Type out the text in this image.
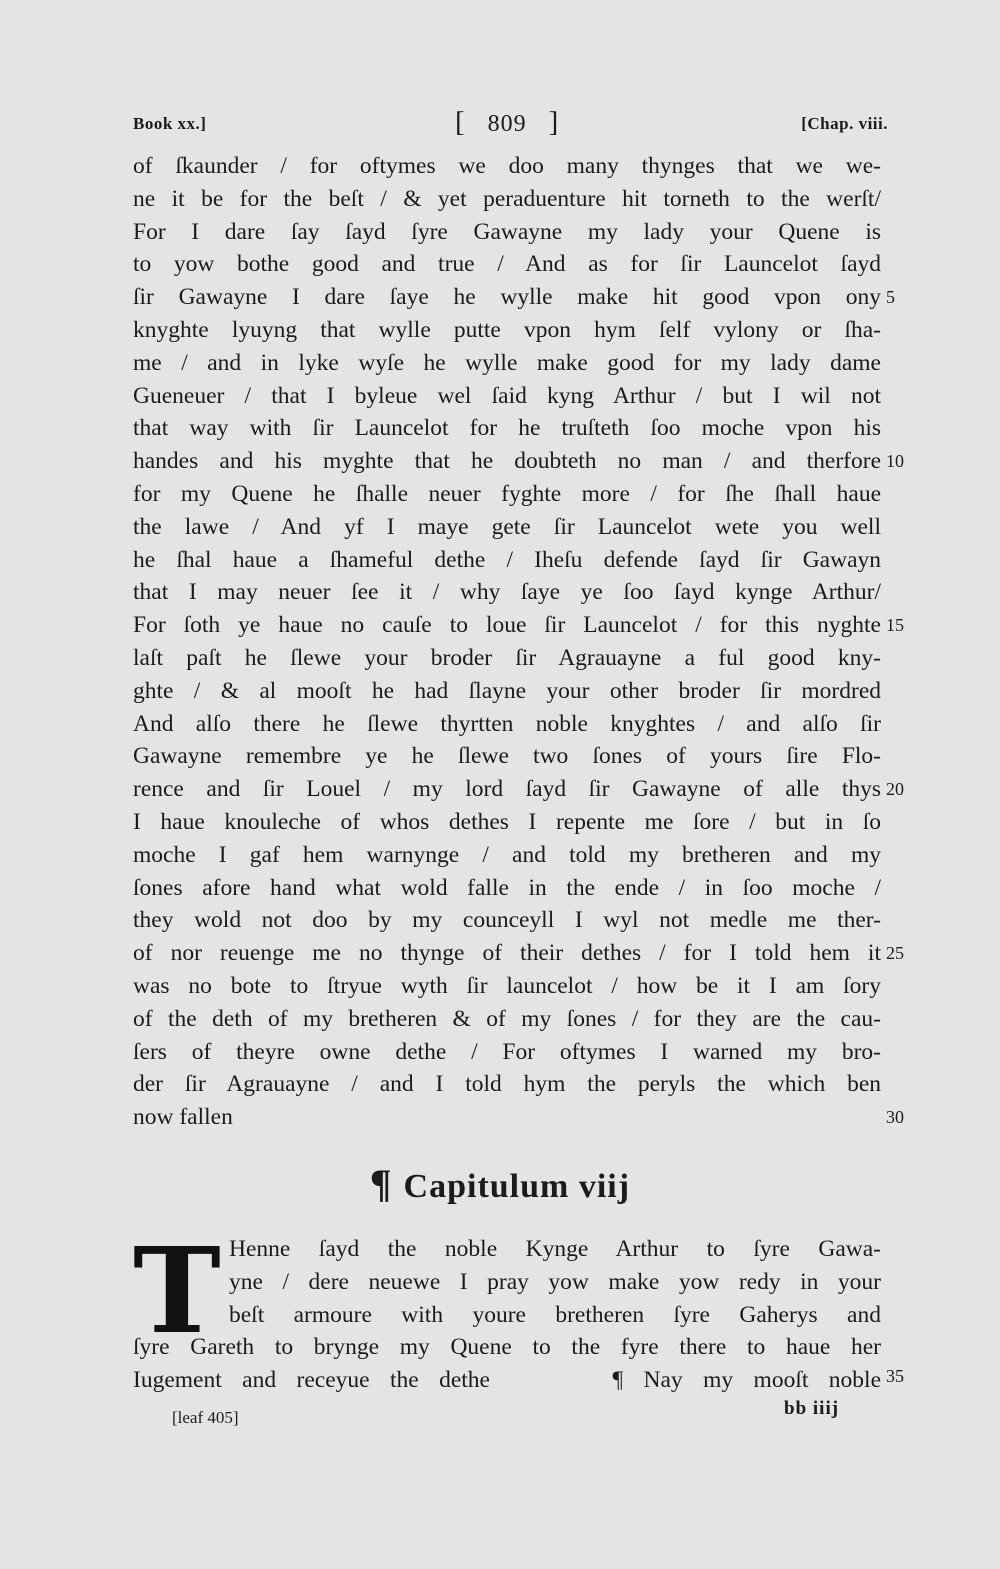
Book xx.]	[ 809 ]	[Chap. viii.
of ſkaunder / for oftymes we doo many thynges that we we-
ne it be for the beſt / & yet peraduenture hit torneth to the werſt/
For I dare ſay ſayd ſyre Gawayne my lady your Quene is
to yow bothe good and true / And as for ſir Launcelot ſayd
ſir Gawayne I dare ſaye he wylle make hit good vpon ony
knyghte lyuyng that wylle putte vpon hym ſelf vylony or ſha-
me / and in lyke wyſe he wylle make good for my lady dame
Gueneuer / that I byleue wel ſaid kyng Arthur / but I wil not
that way with ſir Launcelot for he truſteth ſoo moche vpon his
handes and his myghte that he doubteth no man / and therfore
for my Quene he ſhalle neuer fyghte more / for ſhe ſhall haue
the lawe / And yf I maye gete ſir Launcelot wete you well
he ſhal haue a ſhameful dethe / Iheſu defende ſayd ſir Gawayn
that I may neuer ſee it / why ſaye ye ſoo ſayd kynge Arthur/
For ſoth ye haue no cauſe to loue ſir Launcelot / for this nyghte
laſt paſt he ſlewe your broder ſir Agrauayne a ful good kny-
ghte / & al mooſt he had ſlayne your other broder ſir mordred
And alſo there he ſlewe thyrtten noble knyghtes / and alſo ſir
Gawayne remembre ye he ſlewe two ſones of yours ſire Flo-
rence and ſir Louel / my lord ſayd ſir Gawayne of alle thys
I haue knouleche of whos dethes I repente me ſore / but in ſo
moche I gaf hem warnynge / and told my bretheren and my
ſones afore hand what wold falle in the ende / in ſoo moche /
they wold not doo by my counceyll I wyl not medle me ther-
of nor reuenge me no thynge of their dethes / for I told hem it
was no bote to ſtryue wyth ſir launcelot / how be it I am ſory
of the deth of my bretheren & of my ſones / for they are the cau-
ſers of theyre owne dethe / For oftymes I warned my bro-
der ſir Agrauayne / and I told hym the peryls the which ben
now fallen
5
10
15
20
25
30
35
¶ Capitulum viij
T Henne ſayd the noble Kynge Arthur to ſyre Gawa-
yne / dere neuewe I pray yow make yow redy in your
beſt armoure with youre bretheren ſyre Gaherys and
ſyre Gareth to brynge my Quene to the fyre there to haue her
Iugement and receyue the dethe      ¶ Nay my mooſt noble
[leaf 405]	bb iiij
